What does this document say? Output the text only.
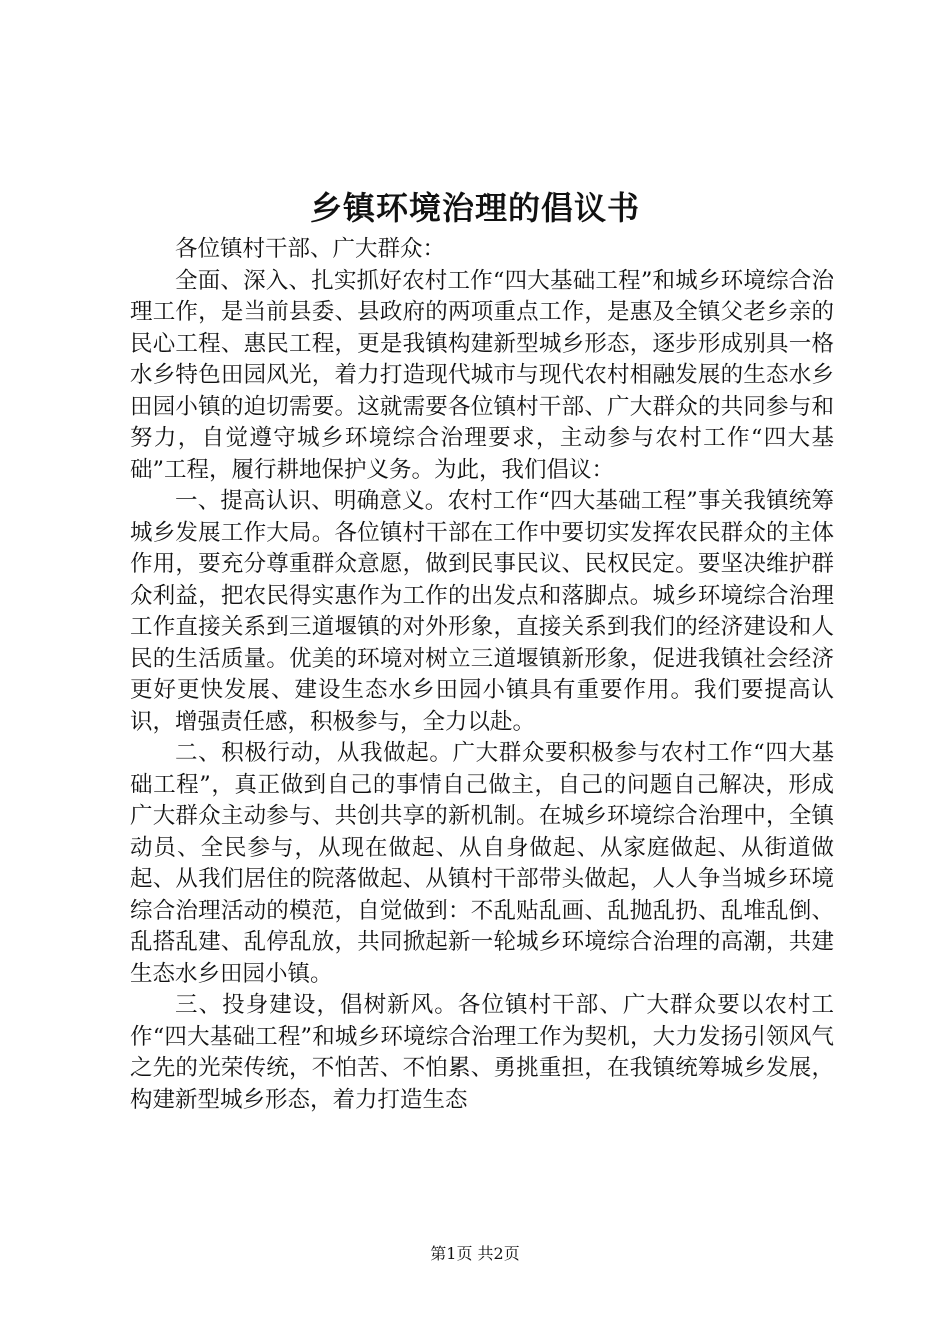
乡镇环境治理的倡议书

各位镇村干部、广大群众：

全面、深入、扎实抓好农村工作“四大基础工程”和城乡环境综合治理工作，是当前县委、县政府的两项重点工作，是惠及全镇父老乡亲的民心工程、惠民工程，更是我镇构建新型城乡形态，逐步形成别具一格水乡特色田园风光，着力打造现代城市与现代农村相融发展的生态水乡田园小镇的迫切需要。这就需要各位镇村干部、广大群众的共同参与和努力，自觉遵守城乡环境综合治理要求，主动参与农村工作“四大基础”工程，履行耕地保护义务。为此，我们倡议：

一、提高认识、明确意义。农村工作“四大基础工程”事关我镇统筹城乡发展工作大局。各位镇村干部在工作中要切实发挥农民群众的主体作用，要充分尊重群众意愿，做到民事民议、民权民定。要坚决维护群众利益，把农民得实惠作为工作的出发点和落脚点。城乡环境综合治理工作直接关系到三道堰镇的对外形象，直接关系到我们的经济建设和人民的生活质量。优美的环境对树立三道堰镇新形象，促进我镇社会经济更好更快发展、建设生态水乡田园小镇具有重要作用。我们要提高认识，增强责任感，积极参与，全力以赴。

二、积极行动，从我做起。广大群众要积极参与农村工作“四大基础工程”，真正做到自己的事情自己做主，自己的问题自己解决，形成广大群众主动参与、共创共享的新机制。在城乡环境综合治理中，全镇动员、全民参与，从现在做起、从自身做起、从家庭做起、从街道做起、从我们居住的院落做起、从镇村干部带头做起，人人争当城乡环境综合治理活动的模范，自觉做到：不乱贴乱画、乱抛乱扔、乱堆乱倒、乱搭乱建、乱停乱放，共同掀起新一轮城乡环境综合治理的高潮，共建生态水乡田园小镇。

三、投身建设，倡树新风。各位镇村干部、广大群众要以农村工作“四大基础工程”和城乡环境综合治理工作为契机，大力发扬引领风气之先的光荣传统，不怕苦、不怕累、勇挑重担，在我镇统筹城乡发展，构建新型城乡形态，着力打造生态

第1页 共2页
